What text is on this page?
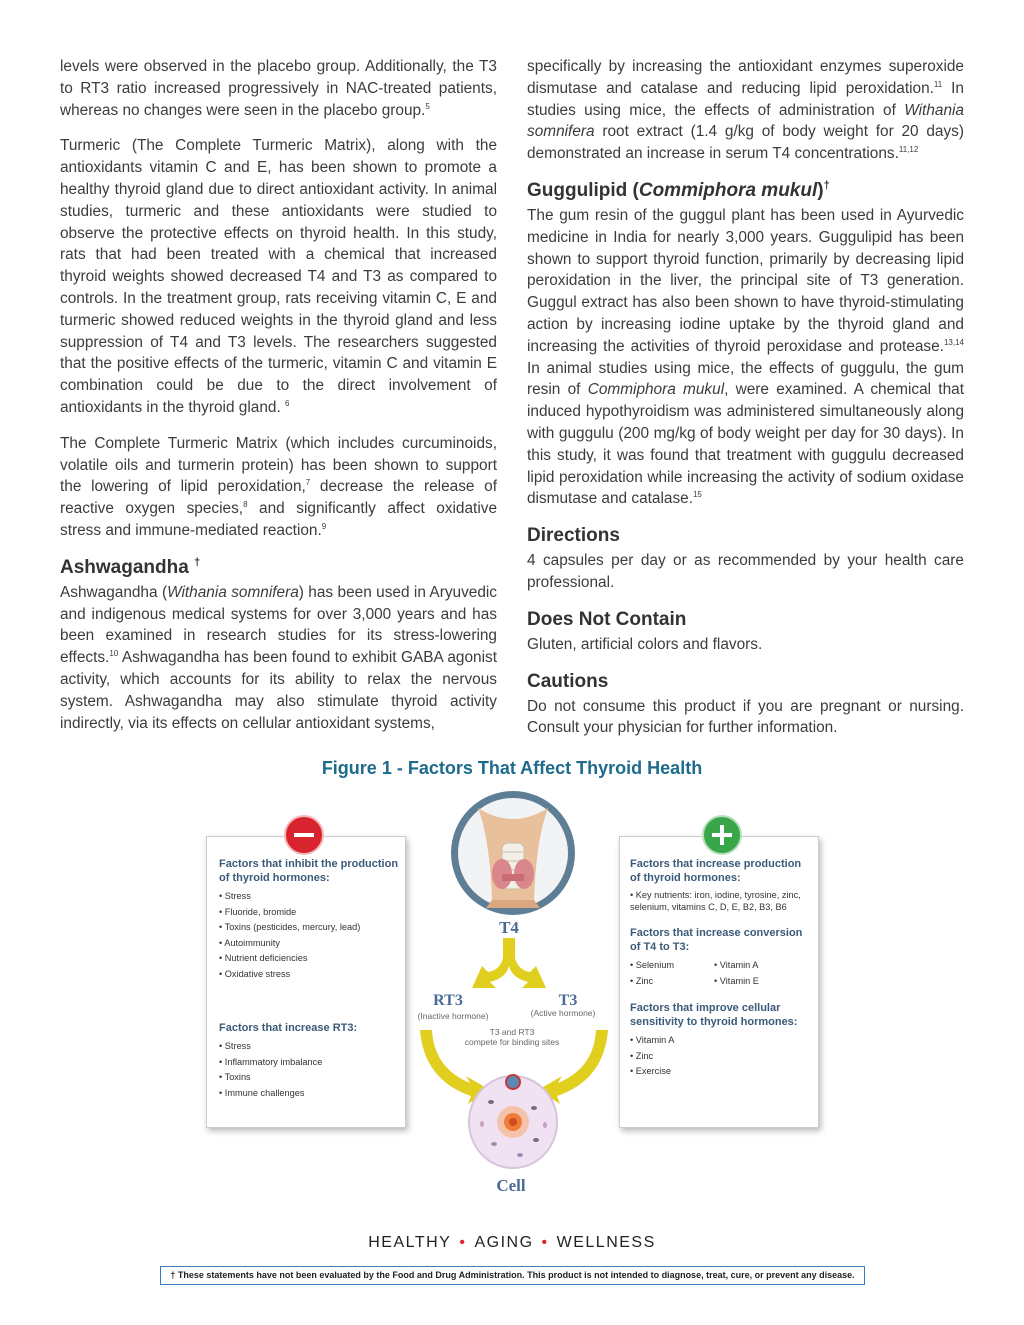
levels were observed in the placebo group. Additionally, the T3 to RT3 ratio increased progressively in NAC-treated patients, whereas no changes were seen in the placebo group.$^5$

Turmeric (The Complete Turmeric Matrix), along with the antioxidants vitamin C and E, has been shown to promote a healthy thyroid gland due to direct antioxidant activity. In animal studies, turmeric and these antioxidants were studied to observe the protective effects on thyroid health. In this study, rats that had been treated with a chemical that increased thyroid weights showed decreased T4 and T3 as compared to controls. In the treatment group, rats receiving vitamin C, E and turmeric showed reduced weights in the thyroid gland and less suppression of T4 and T3 levels. The researchers suggested that the positive effects of the turmeric, vitamin C and vitamin E combination could be due to the direct involvement of antioxidants in the thyroid gland. $^6$

The Complete Turmeric Matrix (which includes curcuminoids, volatile oils and turmerin protein) has been shown to support the lowering of lipid peroxidation,$^7$ decrease the release of reactive oxygen species,$^8$ and significantly affect oxidative stress and immune-mediated reaction.$^9$

Ashwagandha †

Ashwagandha (Withania somnifera) has been used in Aryuvedic and indigenous medical systems for over 3,000 years and has been examined in research studies for its stress-lowering effects.$^{10}$ Ashwagandha has been found to exhibit GABA agonist activity, which accounts for its ability to relax the nervous system. Ashwagandha may also stimulate thyroid activity indirectly, via its effects on cellular antioxidant systems,

specifically by increasing the antioxidant enzymes superoxide dismutase and catalase and reducing lipid peroxidation.$^{11}$ In studies using mice, the effects of administration of Withania somnifera root extract (1.4 g/kg of body weight for 20 days) demonstrated an increase in serum T4 concentrations.$^{11,12}$

Guggulipid (Commiphora mukul)†

The gum resin of the guggul plant has been used in Ayurvedic medicine in India for nearly 3,000 years. Guggulipid has been shown to support thyroid function, primarily by decreasing lipid peroxidation in the liver, the principal site of T3 generation. Guggul extract has also been shown to have thyroid-stimulating action by increasing iodine uptake by the thyroid gland and increasing the activities of thyroid peroxidase and protease.$^{13,14}$ In animal studies using mice, the effects of guggulu, the gum resin of Commiphora mukul, were examined. A chemical that induced hypothyroidism was administered simultaneously along with guggulu (200 mg/kg of body weight per day for 30 days). In this study, it was found that treatment with guggulu decreased lipid peroxidation while increasing the activity of sodium oxidase dismutase and catalase.$^{15}$

Directions

4 capsules per day or as recommended by your health care professional.

Does Not Contain

Gluten, artificial colors and flavors.

Cautions

Do not consume this product if you are pregnant or nursing. Consult your physician for further information.

Figure 1 - Factors That Affect Thyroid Health
Factors that inhibit the production of thyroid hormones:
• Stress
• Fluoride, bromide
• Toxins (pesticides, mercury, lead)
• Autoimmunity
• Nutrient deficiencies
• Oxidative stress
Factors that increase RT3:
• Stress
• Inflammatory imbalance
• Toxins
• Immune challenges
Factors that increase production of thyroid hormones:
• Key nutrients: iron, iodine, tyrosine, zinc, selenium, vitamins C, D, E, B2, B3, B6
Factors that increase conversion of T4 to T3:
• Selenium	• Vitamin A
• Zinc	• Vitamin E
Factors that improve cellular sensitivity to thyroid hormones:
• Vitamin A
• Zinc
• Exercise
T4
RT3
(Inactive hormone)
T3
(Active hormone)
T3 and RT3
compete for binding sites
Cell
HEALTHY • AGING • WELLNESS
† These statements have not been evaluated by the Food and Drug Administration. This product is not intended to diagnose, treat, cure, or prevent any disease.
